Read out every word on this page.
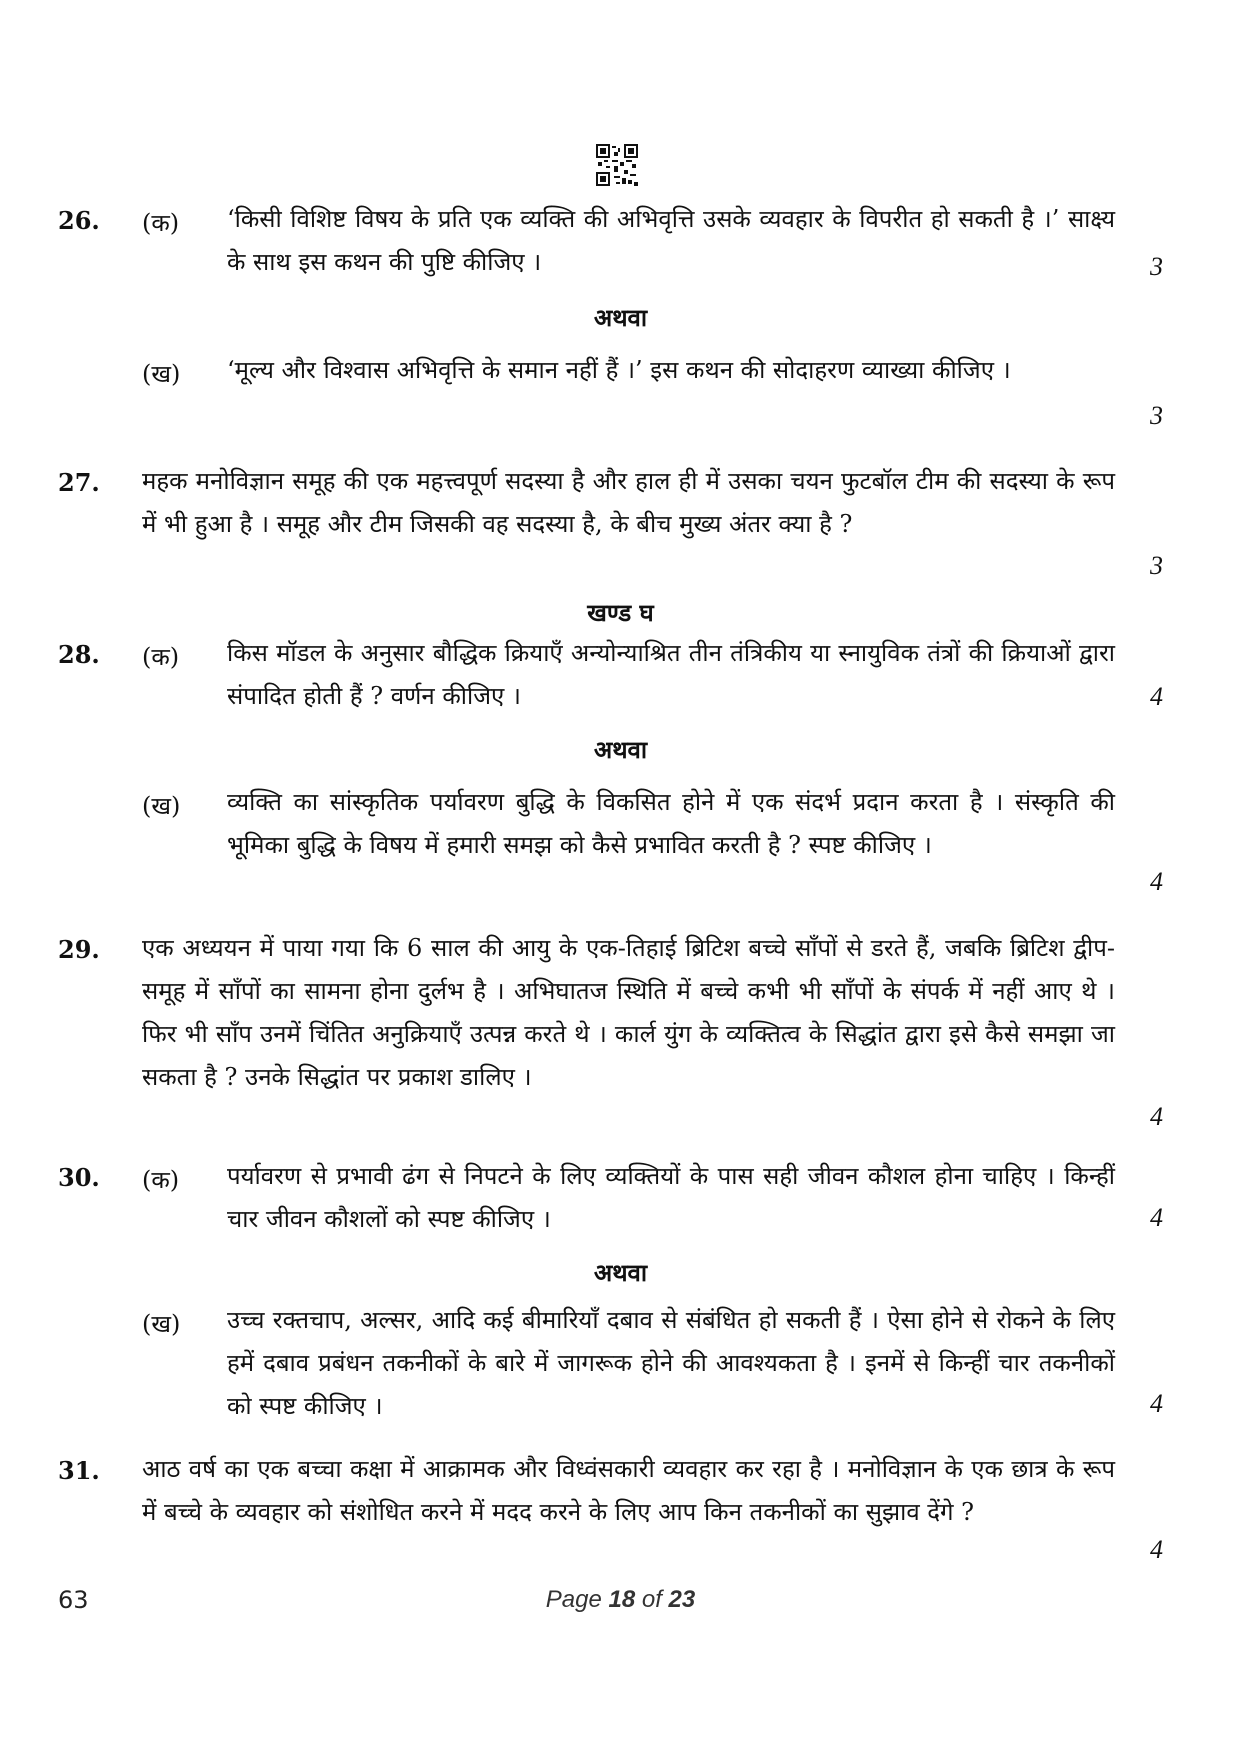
26. (क) ‘किसी विशिष्ट विषय के प्रति एक व्यक्ति की अभिवृत्ति उसके व्यवहार के विपरीत हो सकती है ।’ साक्ष्य के साथ इस कथन की पुष्टि कीजिए ।	3
अथवा
(ख) ‘मूल्य और विश्वास अभिवृत्ति के समान नहीं हैं ।’ इस कथन की सोदाहरण व्याख्या कीजिए ।
3
27. महक मनोविज्ञान समूह की एक महत्त्वपूर्ण सदस्या है और हाल ही में उसका चयन फुटबॉल टीम की सदस्या के रूप में भी हुआ है । समूह और टीम जिसकी वह सदस्या है, के बीच मुख्य अंतर क्या है ?
3
खण्ड घ
28. (क) किस मॉडल के अनुसार बौद्धिक क्रियाएँ अन्योन्याश्रित तीन तंत्रिकीय या स्नायुविक तंत्रों की क्रियाओं द्वारा संपादित होती हैं ? वर्णन कीजिए ।	4
अथवा
(ख) व्यक्ति का सांस्कृतिक पर्यावरण बुद्धि के विकसित होने में एक संदर्भ प्रदान करता है । संस्कृति की भूमिका बुद्धि के विषय में हमारी समझ को कैसे प्रभावित करती है ? स्पष्ट कीजिए ।
4
29. एक अध्ययन में पाया गया कि 6 साल की आयु के एक-तिहाई ब्रिटिश बच्चे साँपों से डरते हैं, जबकि ब्रिटिश द्वीप-समूह में साँपों का सामना होना दुर्लभ है । अभिघातज स्थिति में बच्चे कभी भी साँपों के संपर्क में नहीं आए थे । फिर भी साँप उनमें चिंतित अनुक्रियाएँ उत्पन्न करते थे । कार्ल युंग के व्यक्तित्व के सिद्धांत द्वारा इसे कैसे समझा जा सकता है ? उनके सिद्धांत पर प्रकाश डालिए ।
4
30. (क) पर्यावरण से प्रभावी ढंग से निपटने के लिए व्यक्तियों के पास सही जीवन कौशल होना चाहिए । किन्हीं चार जीवन कौशलों को स्पष्ट कीजिए ।	4
अथवा
(ख) उच्च रक्तचाप, अल्सर, आदि कई बीमारियाँ दबाव से संबंधित हो सकती हैं । ऐसा होने से रोकने के लिए हमें दबाव प्रबंधन तकनीकों के बारे में जागरूक होने की आवश्यकता है । इनमें से किन्हीं चार तकनीकों को स्पष्ट कीजिए ।	4
31. आठ वर्ष का एक बच्चा कक्षा में आक्रामक और विध्वंसकारी व्यवहार कर रहा है । मनोविज्ञान के एक छात्र के रूप में बच्चे के व्यवहार को संशोधित करने में मदद करने के लिए आप किन तकनीकों का सुझाव देंगे ?
4
63	Page 18 of 23
